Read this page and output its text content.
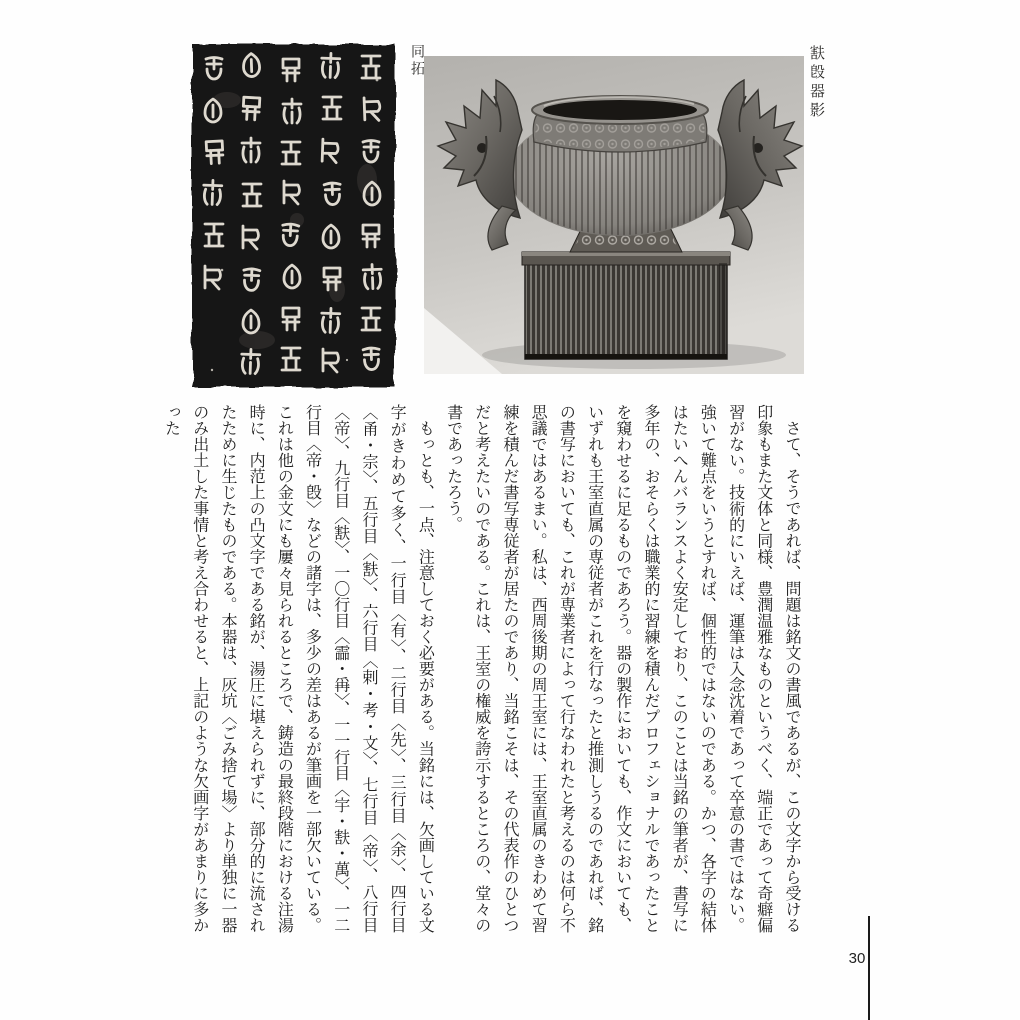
同拓	㝬𣪘器影

さて、そうであれば、問題は銘文の書風であるが、この文字から受ける印象もまた文体と同様、豊潤温雅なものというべく、端正であって奇癖偏習がない。技術的にいえば、運筆は入念沈着であって卒意の書ではない。強いて難点をいうとすれば、個性的ではないのである。かつ、各字の結体はたいへんバランスよく安定しており、このことは当銘の筆者が、書写に多年の、おそらくは職業的に習練を積んだプロフェショナルであったことを窺わせるに足るものであろう。器の製作においても、作文においても、いずれも王室直属の専従者がこれを行なったと推測しうるのであれば、銘の書写においても、これが専業者によって行なわれたと考えるのは何ら不思議ではあるまい。私は、西周後期の周王室には、王室直属のきわめて習練を積んだ書写専従者が居たのであり、当銘こそは、その代表作のひとつだと考えたいのである。これは、王室の権威を誇示するところの、堂々の書であったろう。

もっとも、一点、注意しておく必要がある。当銘には、欠画している文字がきわめて多く、一行目〈有〉、二行目〈先〉、三行目〈余〉、四行目〈甬・宗〉、五行目〈㝬〉、六行目〈剌・考・文〉、七行目〈帝〉、八行目〈帝〉、九行目〈㝬〉、一〇行目〈霝・爯〉、一一行目〈宇・㝬・萬〉、一二行目〈帝・𣪘〉などの諸字は、多少の差はあるが筆画を一部欠いている。これは他の金文にも屢々見られるところで、鋳造の最終段階における注湯時に、内范上の凸文字である銘が、湯圧に堪えられずに、部分的に流されたために生じたものである。本器は、灰坑〈ごみ捨て場〉より単独に一器のみ出土した事情と考え合わせると、上記のような欠画字があまりに多かった

30
